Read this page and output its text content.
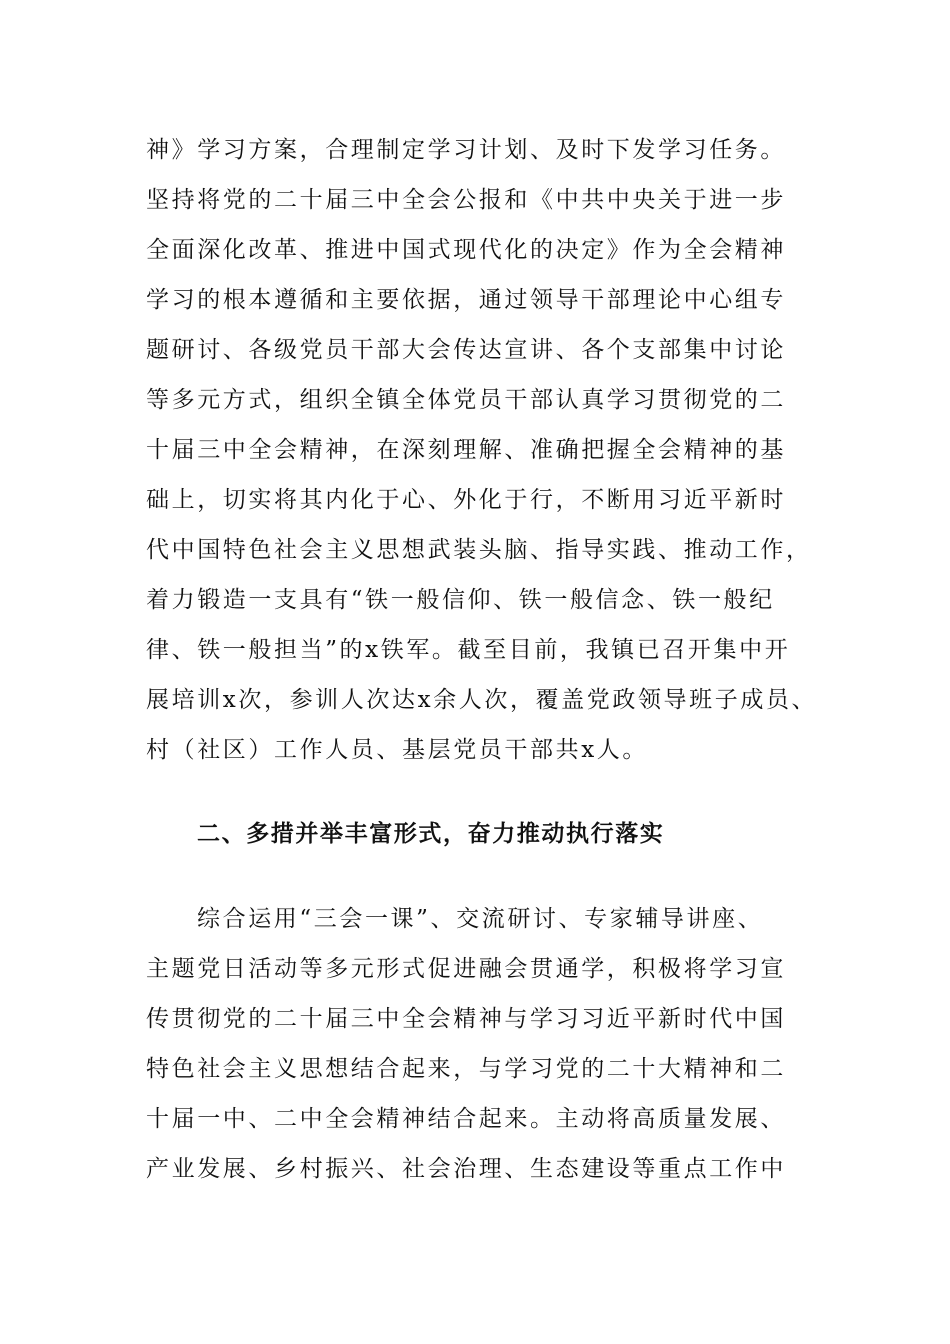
神》学习方案，合理制定学习计划、及时下发学习任务。
坚持将党的二十届三中全会公报和《中共中央关于进一步
全面深化改革、推进中国式现代化的决定》作为全会精神
学习的根本遵循和主要依据，通过领导干部理论中心组专
题研讨、各级党员干部大会传达宣讲、各个支部集中讨论
等多元方式，组织全镇全体党员干部认真学习贯彻党的二
十届三中全会精神，在深刻理解、准确把握全会精神的基
础上，切实将其内化于心、外化于行，不断用习近平新时
代中国特色社会主义思想武装头脑、指导实践、推动工作，
着力锻造一支具有“铁一般信仰、铁一般信念、铁一般纪
律、铁一般担当”的x铁军。截至目前，我镇已召开集中开
展培训x次，参训人次达x余人次，覆盖党政领导班子成员、
村（社区）工作人员、基层党员干部共x人。
二、多措并举丰富形式，奋力推动执行落实
综合运用“三会一课”、交流研讨、专家辅导讲座、
主题党日活动等多元形式促进融会贯通学，积极将学习宣
传贯彻党的二十届三中全会精神与学习习近平新时代中国
特色社会主义思想结合起来，与学习党的二十大精神和二
十届一中、二中全会精神结合起来。主动将高质量发展、
产业发展、乡村振兴、社会治理、生态建设等重点工作中
